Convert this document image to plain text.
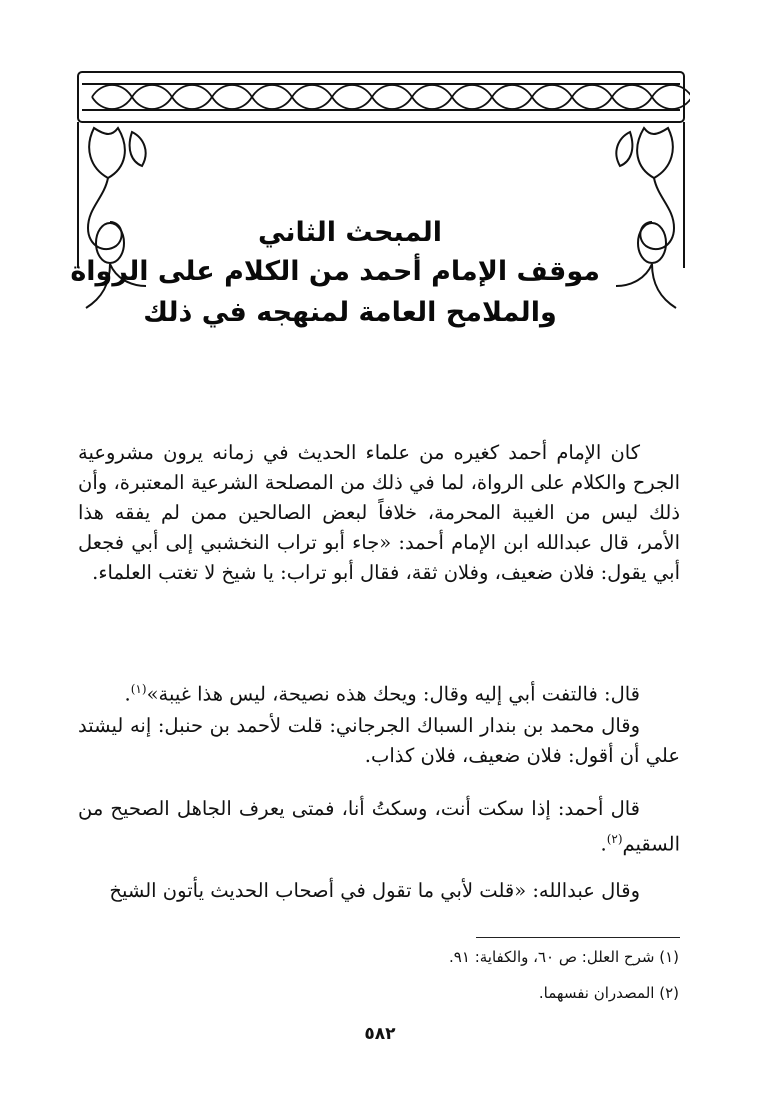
المبحث الثاني
موقف الإمام أحمد من الكلام على الرواة
والملامح العامة لمنهجه في ذلك

كان الإمام أحمد كغيره من علماء الحديث في زمانه يرون مشروعية الجرح والكلام على الرواة، لما في ذلك من المصلحة الشرعية المعتبرة، وأن ذلك ليس من الغيبة المحرمة، خلافاً لبعض الصالحين ممن لم يفقه هذا الأمر، قال عبدالله ابن الإمام أحمد: «جاء أبو تراب النخشبي إلى أبي فجعل أبي يقول: فلان ضعيف، وفلان ثقة، فقال أبو تراب: يا شيخ لا تغتب العلماء.

قال: فالتفت أبي إليه وقال: ويحك هذه نصيحة، ليس هذا غيبة»$^{(١)}$.

وقال محمد بن بندار السباك الجرجاني: قلت لأحمد بن حنبل: إنه ليشتد علي أن أقول: فلان ضعيف، فلان كذاب.

قال أحمد: إذا سكت أنت، وسكتُ أنا، فمتى يعرف الجاهل الصحيح من السقيم$^{(٢)}$.

وقال عبدالله: «قلت لأبي ما تقول في أصحاب الحديث يأتون الشيخ

(١) شرح العلل: ص ٦٠، والكفاية: ٩١.

(٢) المصدران نفسهما.

٥٨٢
